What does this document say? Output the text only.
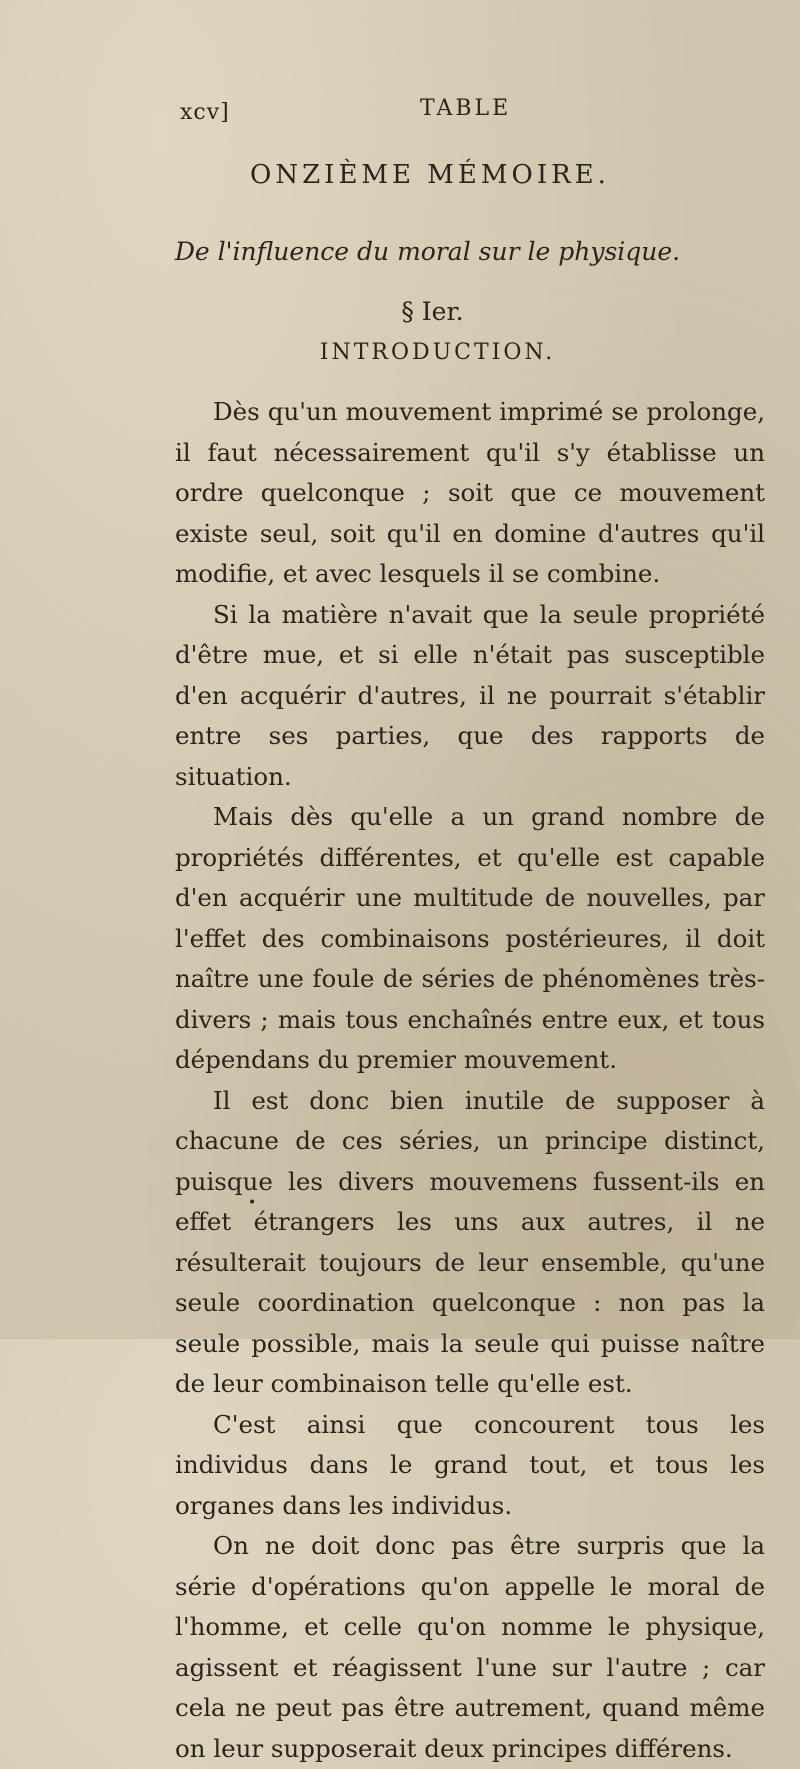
xcv]	TABLE
ONZIÈME MÉMOIRE.
De l'influence du moral sur le physique.
§ Ier.
INTRODUCTION.

Dès qu'un mouvement imprimé se prolonge, il faut nécessairement qu'il s'y établisse un ordre quelconque ; soit que ce mouvement existe seul, soit qu'il en domine d'autres qu'il modifie, et avec lesquels il se combine.

Si la matière n'avait que la seule propriété d'être mue, et si elle n'était pas susceptible d'en acquérir d'autres, il ne pourrait s'établir entre ses parties, que des rapports de situation.

Mais dès qu'elle a un grand nombre de propriétés différentes, et qu'elle est capable d'en acquérir une multitude de nouvelles, par l'effet des combinaisons postérieures, il doit naître une foule de séries de phénomènes très-divers ; mais tous enchaînés entre eux, et tous dépendans du premier mouvement.

Il est donc bien inutile de supposer à chacune de ces séries, un principe distinct, puisque les divers mouvemens fussent-ils en effet étrangers les uns aux autres, il ne résulterait toujours de leur ensemble, qu'une seule coordination quelconque : non pas la seule possible, mais la seule qui puisse naître de leur combinaison telle qu'elle est.

C'est ainsi que concourent tous les individus dans le grand tout, et tous les organes dans les individus.

On ne doit donc pas être surpris que la série d'opérations qu'on appelle le moral de l'homme, et celle qu'on nomme le physique, agissent et réagissent l'une sur l'autre ; car cela ne peut pas être autrement, quand même on leur supposerait deux principes différens.

•
